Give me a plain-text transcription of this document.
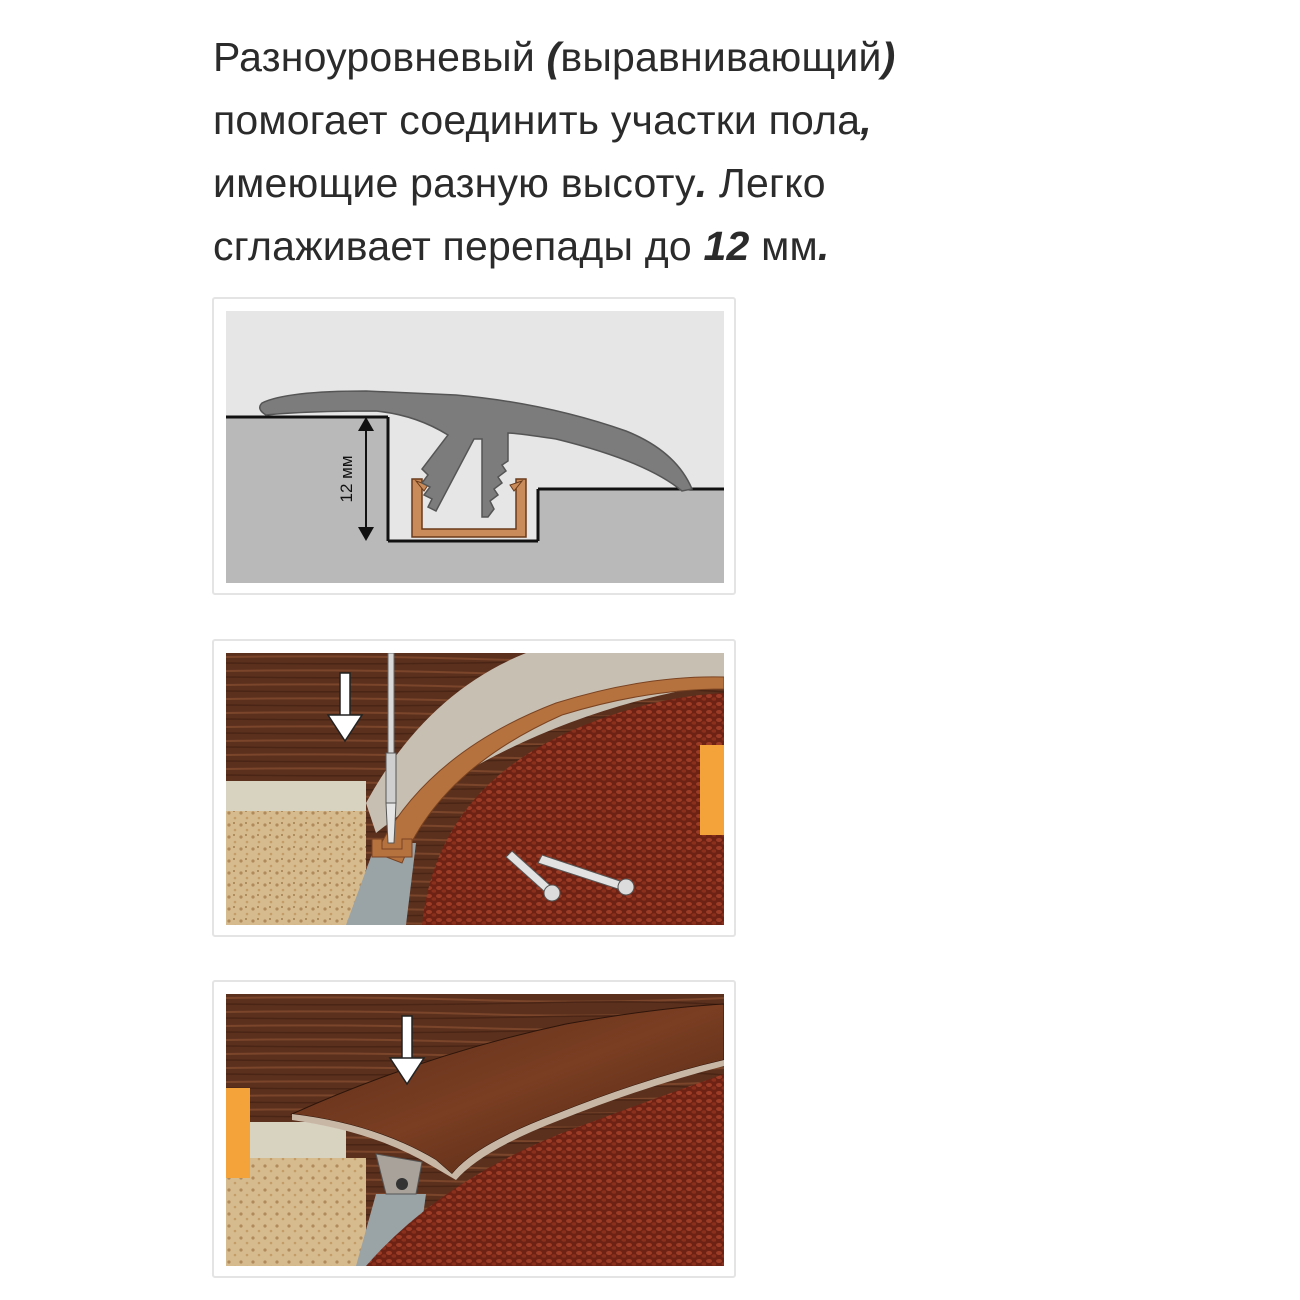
Разноуровневый (выравнивающий) помогает соединить участки пола, имеющие разную высоту. Легко сглаживает перепады до 12 мм.
12 мм
